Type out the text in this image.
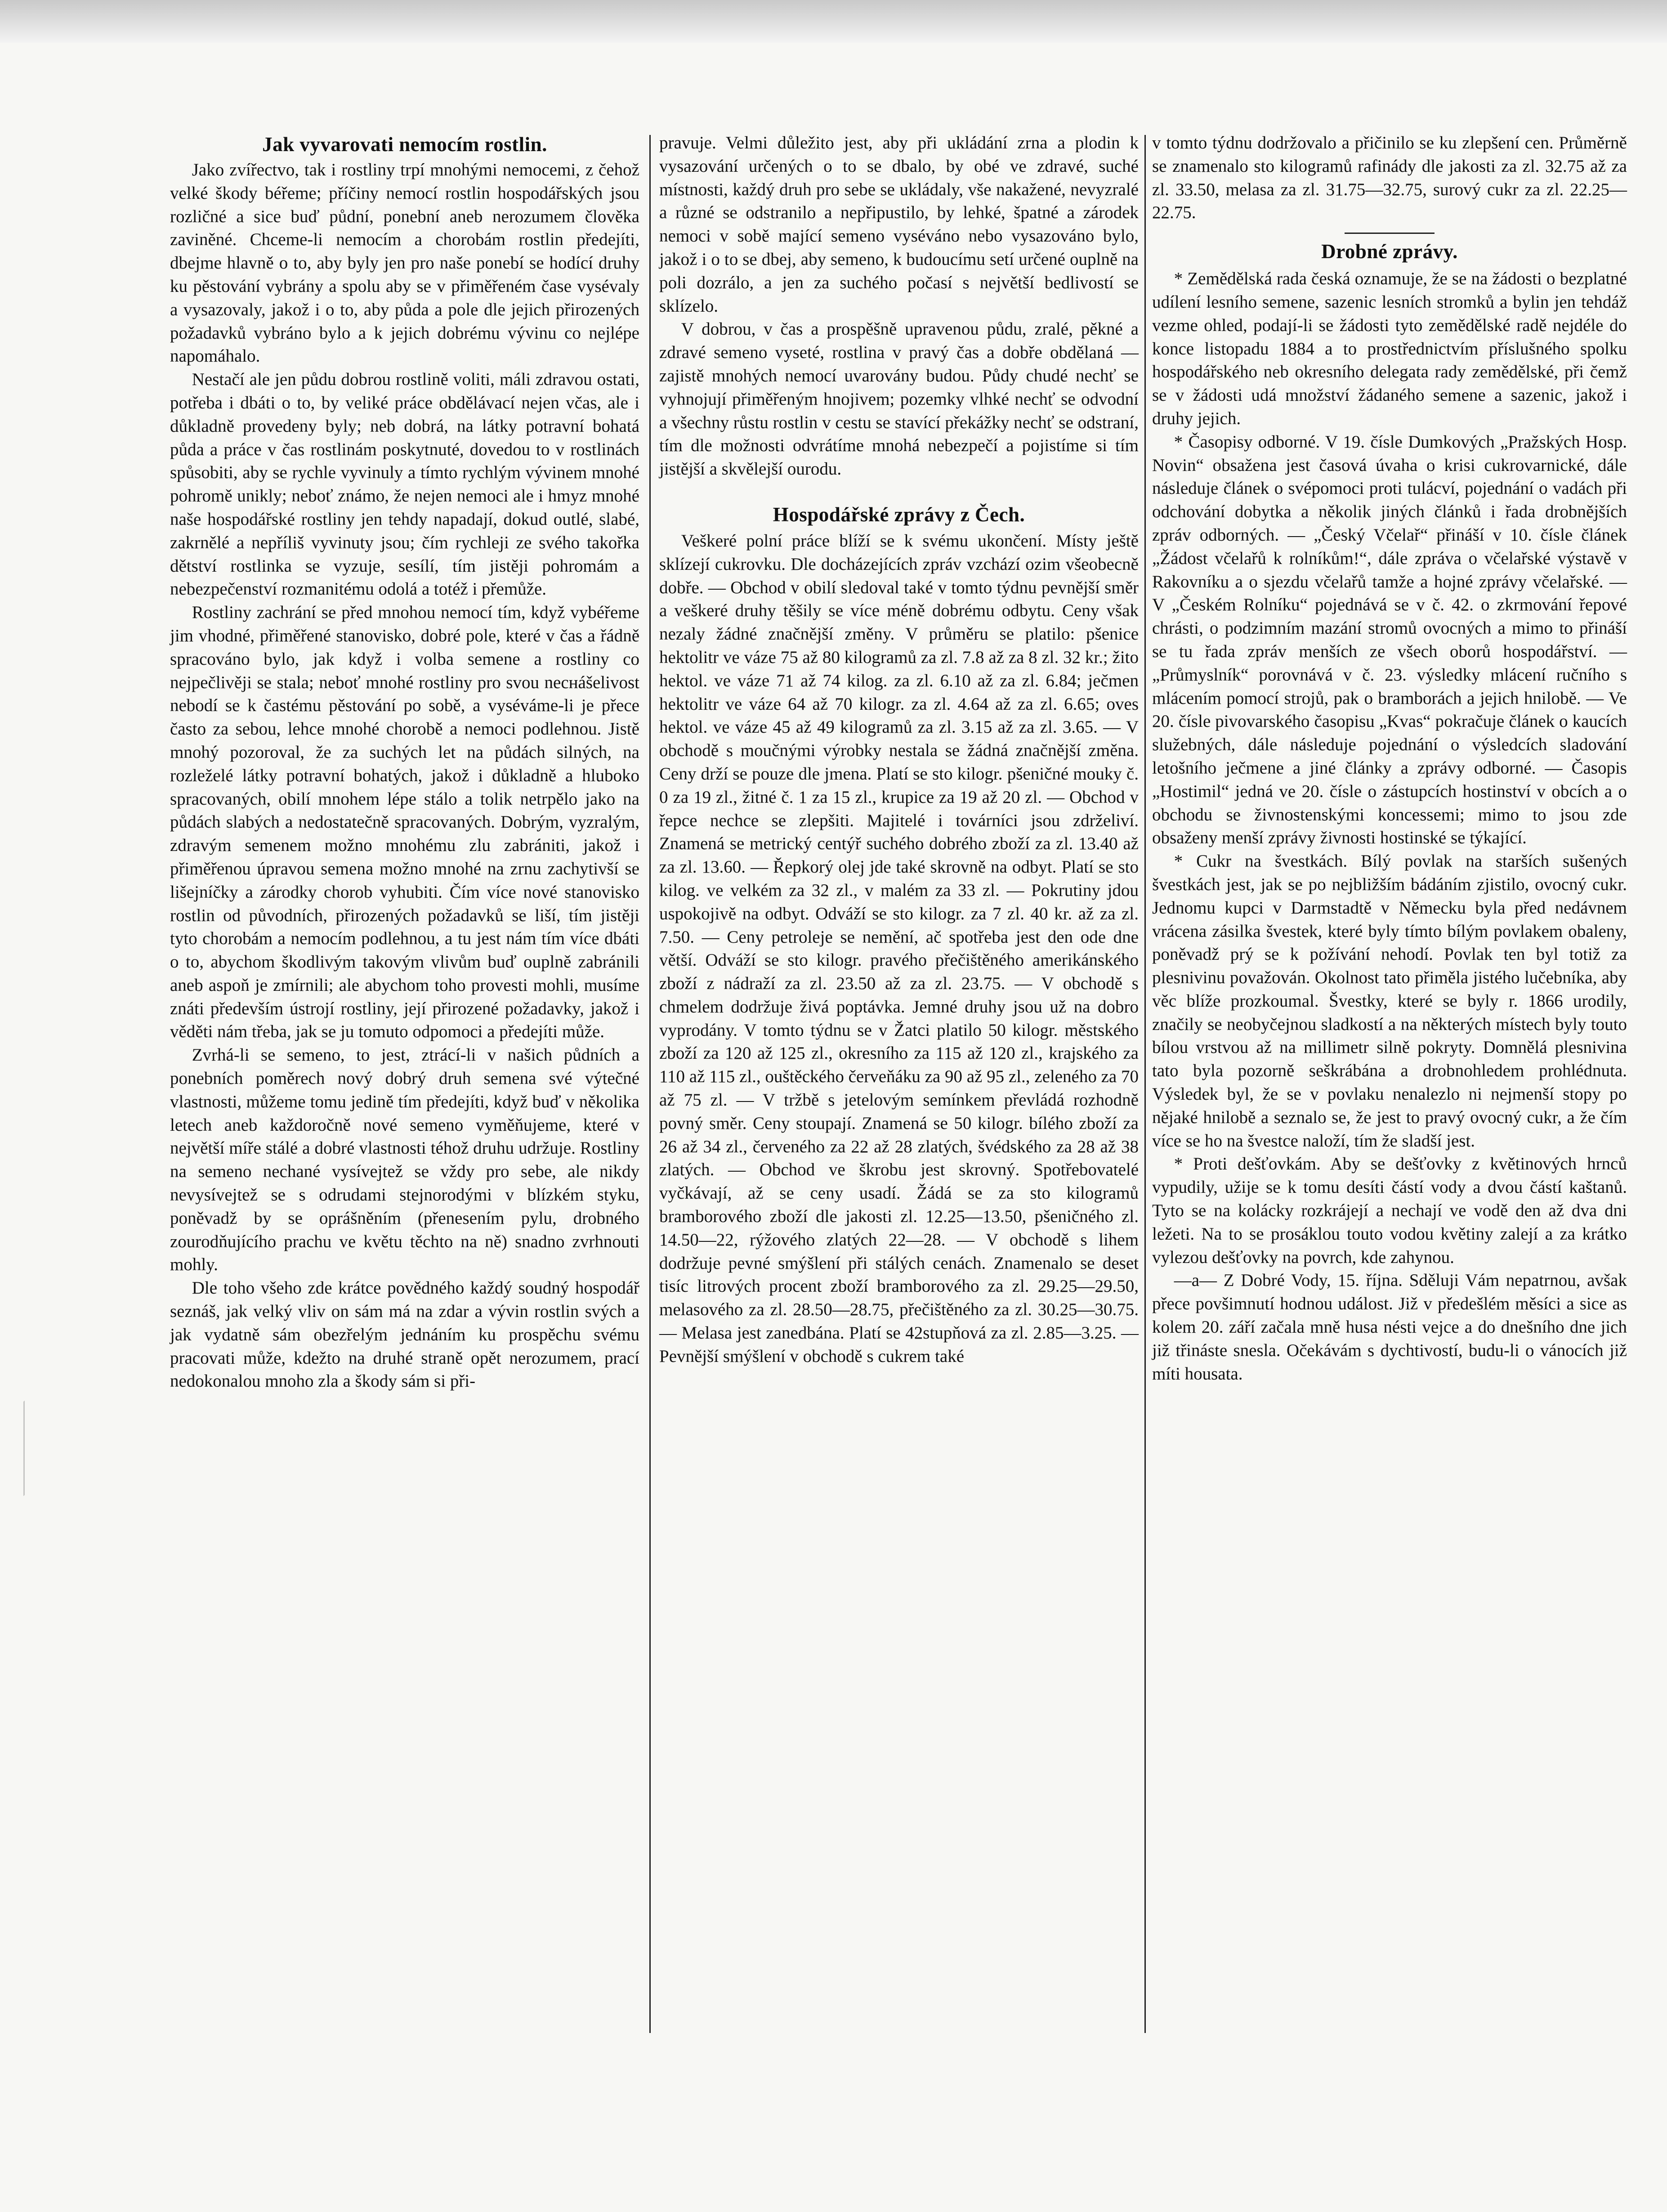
Jak vyvarovati nemocím rostlin.

Jako zvířectvo, tak i rostliny trpí mnohými nemocemi, z čehož velké škody béřeme; příčiny nemocí rostlin hospodářských jsou rozličné a sice buď půdní, ponební aneb nerozumem člověka zaviněné. Chceme-li nemocím a chorobám rostlin předejíti, dbejme hlavně o to, aby byly jen pro naše ponebí se hodící druhy ku pěstování vybrány a spolu aby se v přiměřeném čase vysévaly a vysazovaly, jakož i o to, aby půda a pole dle jejich přirozených požadavků vybráno bylo a k jejich dobrému vývinu co nejlépe napomáhalo.

Nestačí ale jen půdu dobrou rostlině voliti, máli zdravou ostati, potřeba i dbáti o to, by veliké práce obdělávací nejen včas, ale i důkladně provedeny byly; neb dobrá, na látky potravní bohatá půda a práce v čas rostlinám poskytnuté, dovedou to v rostlinách spůsobiti, aby se rychle vyvinuly a tímto rychlým vývinem mnohé pohromě unikly; neboť známo, že nejen nemoci ale i hmyz mnohé naše hospodářské rostliny jen tehdy napadají, dokud outlé, slabé, zakrnělé a nepříliš vyvinuty jsou; čím rychleji ze svého takořka dětství rostlinka se vyzuje, sesílí, tím jistěji pohromám a nebezpečenství rozmanitému odolá a totéž i přemůže.

Rostliny zachrání se před mnohou nemocí tím, když vybéřeme jim vhodné, přiměřené stanovisko, dobré pole, které v čas a řádně spracováno bylo, jak když i volba semene a rostliny co nejpečlivěji se stala; neboť mnohé rostliny pro svou neснášelivost nebodí se k častému pěstování po sobě, a vyséváme-li je přece často za sebou, lehce mnohé chorobě a nemoci podlehnou. Jistě mnohý pozoroval, že za suchých let na půdách silných, na rozleželé látky potravní bohatých, jakož i důkladně a hluboko spracovaných, obilí mnohem lépe stálo a tolik netrpělo jako na půdách slabých a nedostatečně spracovaných. Dobrým, vyzralým, zdravým semenem možno mnohému zlu zabrániti, jakož i přiměřenou úpravou semena možno mnohé na zrnu zachytivší se lišejníčky a zárodky chorob vyhubiti. Čím více nové stanovisko rostlin od původních, přirozených požadavků se liší, tím jistěji tyto chorobám a nemocím podlehnou, a tu jest nám tím více dbáti o to, abychom škodlivým takovým vlivům buď ouplně zabránili aneb aspoň je zmírnili; ale abychom toho provesti mohli, musíme znáti především ústrojí rostliny, její přirozené požadavky, jakož i věděti nám třeba, jak se ju tomuto odpomoci a předejíti může.

Zvrhá-li se semeno, to jest, ztrácí-li v našich půdních a ponebních poměrech nový dobrý druh semena své výtečné vlastnosti, můžeme tomu jedině tím předejíti, když buď v několika letech aneb každoročně nové semeno vyměňujeme, které v největší míře stálé a dobré vlastnosti téhož druhu udržuje. Rostliny na semeno nechané vysívejtež se vždy pro sebe, ale nikdy nevysívejtež se s odrudami stejnorodými v blízkém styku, poněvadž by se oprášněním (přenesením pylu, drobného zourodňujícího prachu ve květu těchto na ně) snadno zvrhnouti mohly.

Dle toho všeho zde krátce povědného každý soudný hospodář seznáš, jak velký vliv on sám má na zdar a vývin rostlin svých a jak vydatně sám obezřelým jednáním ku prospěchu svému pracovati může, kdežto na druhé straně opět nerozumem, prací nedokonalou mnoho zla a škody sám si při-

pravuje. Velmi důležito jest, aby při ukládání zrna a plodin k vysazování určených o to se dbalo, by obé ve zdravé, suché místnosti, každý druh pro sebe se ukládaly, vše nakažené, nevyzralé a různé se odstranilo a nepřipustilo, by lehké, špatné a zárodek nemoci v sobě mající semeno vyséváno nebo vysazováno bylo, jakož i o to se dbej, aby semeno, k budoucímu setí určené ouplně na poli dozrálo, a jen za suchého počasí s největší bedlivostí se sklízelo.

V dobrou, v čas a prospěšně upravenou půdu, zralé, pěkné a zdravé semeno vyseté, rostlina v pravý čas a dobře obdělaná — zajistě mnohých nemocí uvarovány budou. Půdy chudé nechť se vyhnojují přiměřeným hnojivem; pozemky vlhké nechť se odvodní a všechny růstu rostlin v cestu se stavící překážky nechť se odstraní, tím dle možnosti odvrátíme mnohá nebezpečí a pojistíme si tím jistější a skvělejší ourodu.

Hospodářské zprávy z Čech.

Veškeré polní práce blíží se k svému ukončení. Místy ještě sklízejí cukrovku. Dle docházejících zpráv vzchází ozim všeobecně dobře. — Obchod v obilí sledoval také v tomto týdnu pevnější směr a veškeré druhy těšily se více méně dobrému odbytu. Ceny však nezaly žádné značnější změny. V průměru se platilo: pšenice hektolitr ve váze 75 až 80 kilogramů za zl. 7.8 až za 8 zl. 32 kr.; žito hektol. ve váze 71 až 74 kilog. za zl. 6.10 až za zl. 6.84; ječmen hektolitr ve váze 64 až 70 kilogr. za zl. 4.64 až za zl. 6.65; oves hektol. ve váze 45 až 49 kilogramů za zl. 3.15 až za zl. 3.65. — V obchodě s moučnými výrobky nestala se žádná značnější změna. Ceny drží se pouze dle jmena. Platí se sto kilogr. pšeničné mouky č. 0 za 19 zl., žitné č. 1 za 15 zl., krupice za 19 až 20 zl. — Obchod v řepce nechce se zlepšiti. Majitelé i továrníci jsou zdrželiví. Znamená se metrický centýř suchého dobrého zboží za zl. 13.40 až za zl. 13.60. — Řepkorý olej jde také skrovně na odbyt. Platí se sto kilog. ve velkém za 32 zl., v malém za 33 zl. — Pokrutiny jdou uspokojivě na odbyt. Odváží se sto kilogr. za 7 zl. 40 kr. až za zl. 7.50. — Ceny petroleje se nemění, ač spotřeba jest den ode dne větší. Odváží se sto kilogr. pravého přečištěného amerikánského zboží z nádraží za zl. 23.50 až za zl. 23.75. — V obchodě s chmelem dodržuje živá poptávka. Jemné druhy jsou už na dobro vyprodány. V tomto týdnu se v Žatci platilo 50 kilogr. městského zboží za 120 až 125 zl., okresního za 115 až 120 zl., krajského za 110 až 115 zl., ouštěckého červeňáku za 90 až 95 zl., zeleného za 70 až 75 zl. — V tržbě s jetelovým semínkem převládá rozhodně povný směr. Ceny stoupají. Znamená se 50 kilogr. bílého zboží za 26 až 34 zl., červeného za 22 až 28 zlatých, švédského za 28 až 38 zlatých. — Obchod ve škrobu jest skrovný. Spotřebovatelé vyčkávají, až se ceny usadí. Žádá se za sto kilogramů bramborového zboží dle jakosti zl. 12.25—13.50, pšeničného zl. 14.50—22, rýžového zlatých 22—28. — V obchodě s lihem dodržuje pevné smýšlení při stálých cenách. Znamenalo se deset tisíc litrových procent zboží bramborového za zl. 29.25—29.50, melasového za zl. 28.50—28.75, přečištěného za zl. 30.25—30.75. — Melasa jest zanedbána. Platí se 42stupňová za zl. 2.85—3.25. — Pevnější smýšlení v obchodě s cukrem také

v tomto týdnu dodržovalo a přičinilo se ku zlepšení cen. Průměrně se znamenalo sto kilogramů rafinády dle jakosti za zl. 32.75 až za zl. 33.50, melasa za zl. 31.75—32.75, surový cukr za zl. 22.25—22.75.

Drobné zprávy.

* Zemědělská rada česká oznamuje, že se na žádosti o bezplatné udílení lesního semene, sazenic lesních stromků a bylin jen tehdáž vezme ohled, podají-li se žádosti tyto zemědělské radě nejdéle do konce listopadu 1884 a to prostřednictvím příslušného spolku hospodářského neb okresního delegata rady zemědělské, při čemž se v žádosti udá množství žádaného semene a sazenic, jakož i druhy jejich.

* Časopisy odborné. V 19. čísle Dumkových „Pražských Hosp. Novin“ obsažena jest časová úvaha o krisi cukrovarnické, dále následuje článek o svépomoci proti tulácví, pojednání o vadách při odchování dobytka a několik jiných článků i řada drobnějších zpráv odborných. — „Český Včelař“ přináší v 10. čísle článek „Žádost včelařů k rolníkům!“, dále zpráva o včelařské výstavě v Rakovníku a o sjezdu včelařů tamže a hojné zprávy včelařské. — V „Českém Rolníku“ pojednává se v č. 42. o zkrmování řepové chrásti, o podzimním mazání stromů ovocných a mimo to přináší se tu řada zpráv menších ze všech oborů hospodářství. — „Průmyslník“ porovnává v č. 23. výsledky mlácení ručního s mlácením pomocí strojů, pak o bramborách a jejich hnilobě. — Ve 20. čísle pivovarského časopisu „Kvas“ pokračuje článek o kaucích služebných, dále následuje pojednání o výsledcích sladování letošního ječmene a jiné články a zprávy odborné. — Časopis „Hostimil“ jedná ve 20. čísle o zástupcích hostinství v obcích a o obchodu se živnostenskými koncessemi; mimo to jsou zde obsaženy menší zprávy živnosti hostinské se týkající.

* Cukr na švestkách. Bílý povlak na starších sušených švestkách jest, jak se po nejbližším bádáním zjistilo, ovocný cukr. Jednomu kupci v Darmstadtě v Německu byla před nedávnem vrácena zásilka švestek, které byly tímto bílým povlakem obaleny, poněvadž prý se k požívání nehodí. Povlak ten byl totiž za plesnivinu považován. Okolnost tato přiměla jistého lučebníka, aby věc blíže prozkoumal. Švestky, které se byly r. 1866 urodily, značily se neobyčejnou sladkostí a na některých místech byly touto bílou vrstvou až na millimetr silně pokryty. Domnělá plesnivina tato byla pozorně seškrábána a drobnohledem prohlédnuta. Výsledek byl, že se v povlaku nenalezlo ni nejmenší stopy po nějaké hnilobě a seznalo se, že jest to pravý ovocný cukr, a že čím více se ho na švestce naloží, tím že sladší jest.

* Proti dešťovkám. Aby se dešťovky z květinových hrnců vypudily, užije se k tomu desíti částí vody a dvou částí kaštanů. Tyto se na kolácky rozkrájejí a nechají ve vodě den až dva dni ležeti. Na to se prosáklou touto vodou květiny zalejí a za krátko vylezou dešťovky na povrch, kde zahynou.

—a— Z Dobré Vody, 15. října. Sděluji Vám nepatrnou, avšak přece povšimnutí hodnou událost. Již v předešlém měsíci a sice as kolem 20. září začala mně husa nésti vejce a do dnešního dne jich již třináste snesla. Očekávám s dychtivostí, budu-li o vánocích již míti housata.
